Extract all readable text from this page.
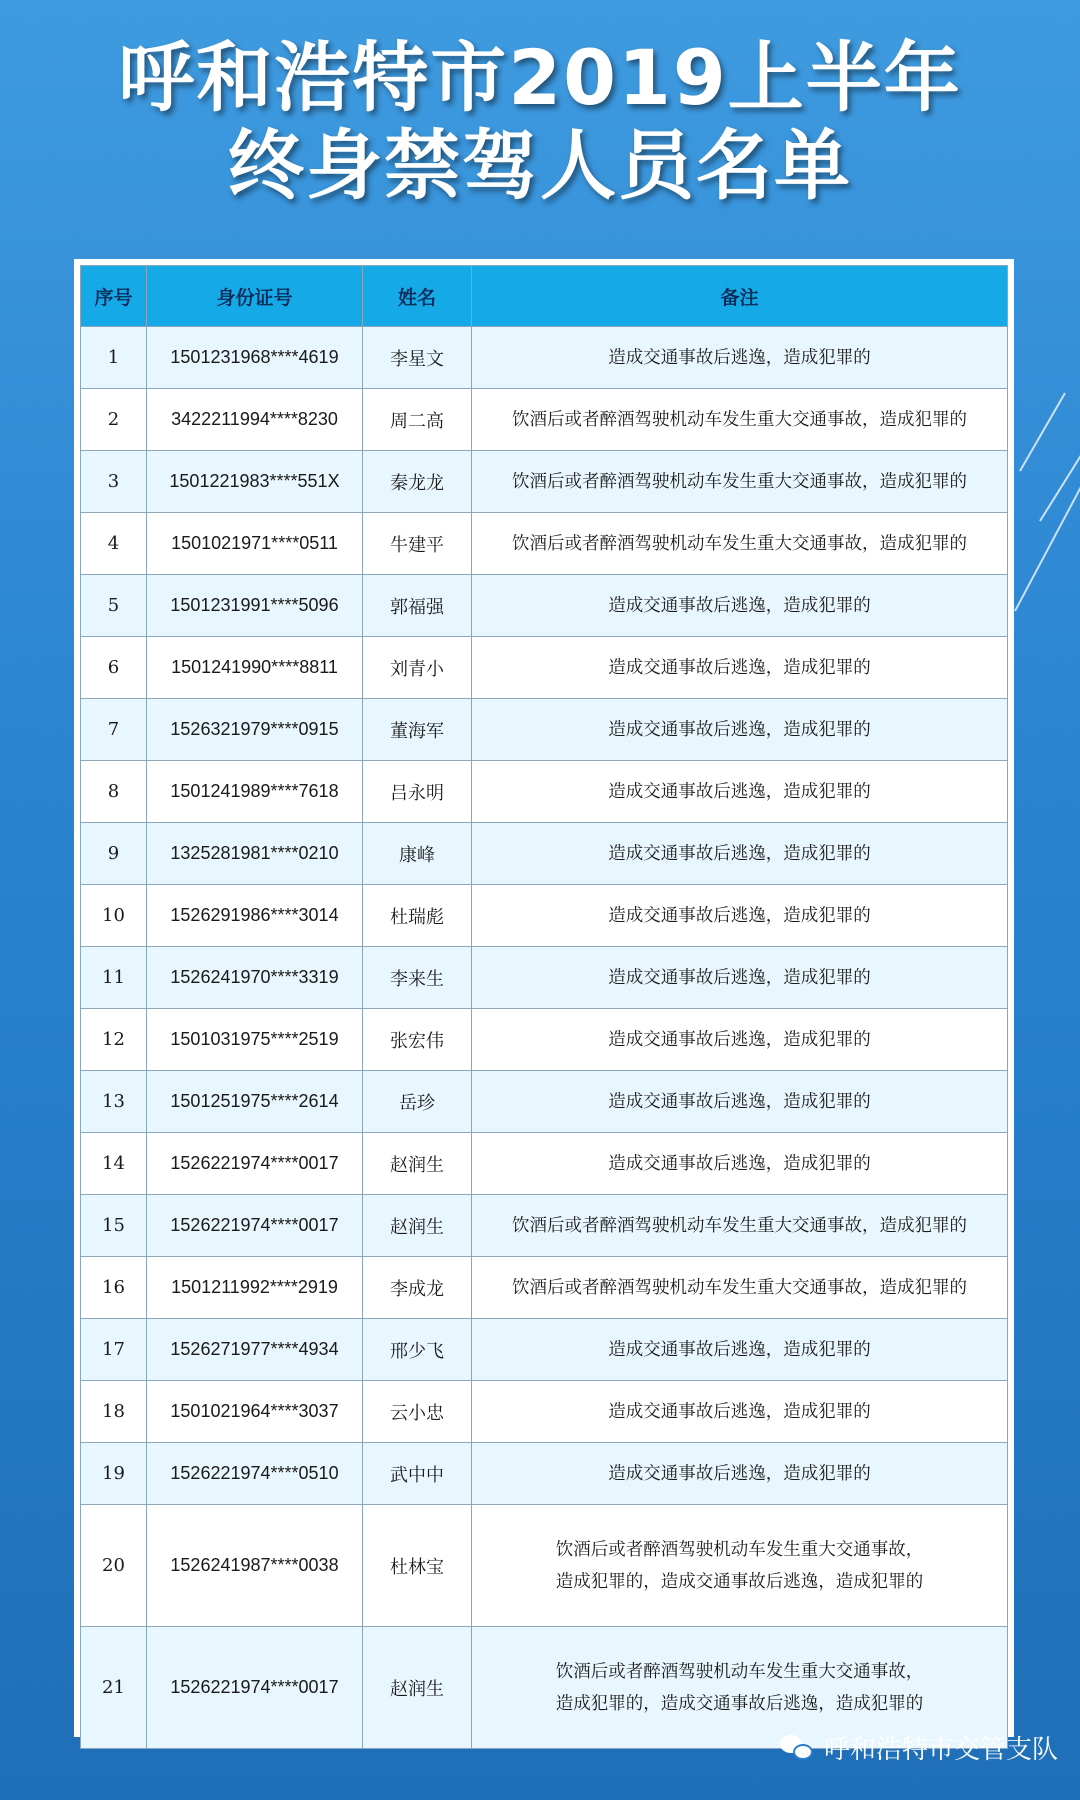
呼和浩特市2019上半年
终身禁驾人员名单
序号	身份证号	姓名	备注
1	1501231968****4619	李星文	造成交通事故后逃逸，造成犯罪的
2	3422211994****8230	周二高	饮酒后或者醉酒驾驶机动车发生重大交通事故，造成犯罪的
3	1501221983****551X	秦龙龙	饮酒后或者醉酒驾驶机动车发生重大交通事故，造成犯罪的
4	1501021971****0511	牛建平	饮酒后或者醉酒驾驶机动车发生重大交通事故，造成犯罪的
5	1501231991****5096	郭福强	造成交通事故后逃逸，造成犯罪的
6	1501241990****8811	刘青小	造成交通事故后逃逸，造成犯罪的
7	1526321979****0915	董海军	造成交通事故后逃逸，造成犯罪的
8	1501241989****7618	吕永明	造成交通事故后逃逸，造成犯罪的
9	1325281981****0210	康峰	造成交通事故后逃逸，造成犯罪的
10	1526291986****3014	杜瑞彪	造成交通事故后逃逸，造成犯罪的
11	1526241970****3319	李来生	造成交通事故后逃逸，造成犯罪的
12	1501031975****2519	张宏伟	造成交通事故后逃逸，造成犯罪的
13	1501251975****2614	岳珍	造成交通事故后逃逸，造成犯罪的
14	1526221974****0017	赵润生	造成交通事故后逃逸，造成犯罪的
15	1526221974****0017	赵润生	饮酒后或者醉酒驾驶机动车发生重大交通事故，造成犯罪的
16	1501211992****2919	李成龙	饮酒后或者醉酒驾驶机动车发生重大交通事故，造成犯罪的
17	1526271977****4934	邢少飞	造成交通事故后逃逸，造成犯罪的
18	1501021964****3037	云小忠	造成交通事故后逃逸，造成犯罪的
19	1526221974****0510	武中中	造成交通事故后逃逸，造成犯罪的
20	1526241987****0038	杜林宝	饮酒后或者醉酒驾驶机动车发生重大交通事故，
造成犯罪的，造成交通事故后逃逸，造成犯罪的
21	1526221974****0017	赵润生	饮酒后或者醉酒驾驶机动车发生重大交通事故，
造成犯罪的，造成交通事故后逃逸，造成犯罪的
呼和浩特市交管支队
